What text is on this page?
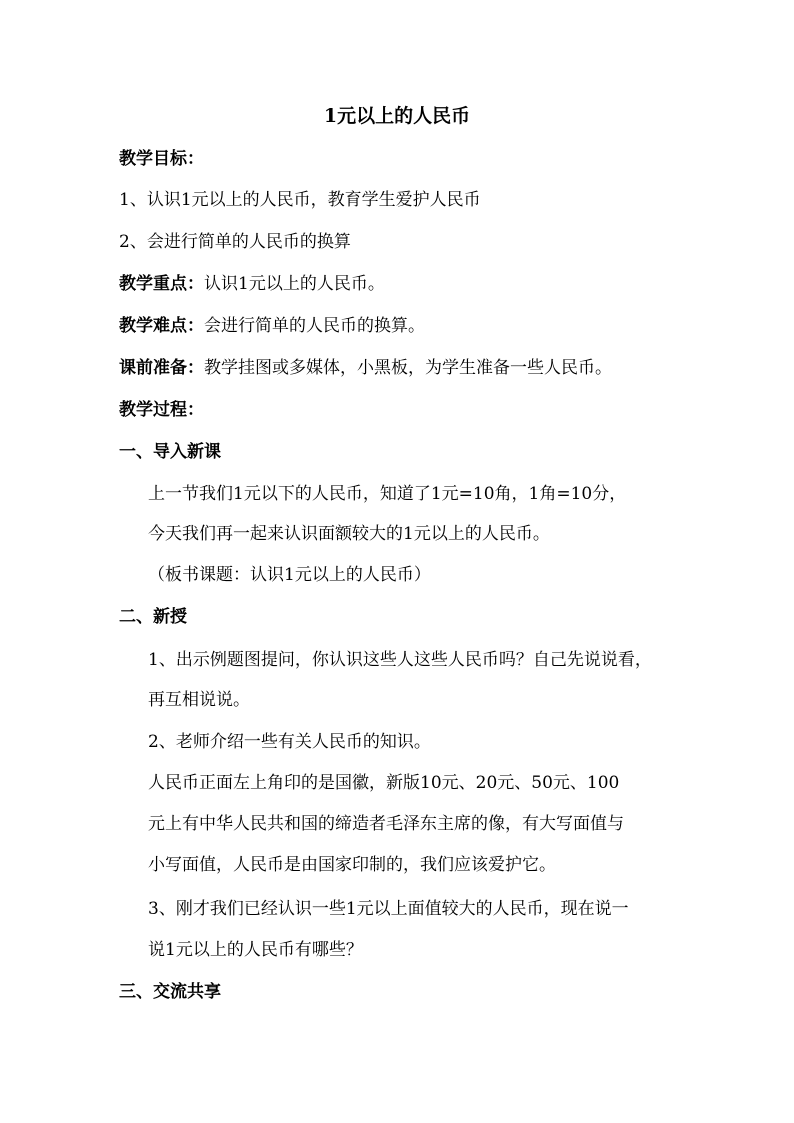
1元以上的人民币
教学目标：
1、认识1元以上的人民币，教育学生爱护人民币
2、会进行简单的人民币的换算
教学重点：认识1元以上的人民币。
教学难点：会进行简单的人民币的换算。
课前准备：教学挂图或多媒体，小黑板，为学生准备一些人民币。
教学过程：
一、导入新课
上一节我们1元以下的人民币，知道了1元=10角，1角=10分，
今天我们再一起来认识面额较大的1元以上的人民币。
（板书课题：认识1元以上的人民币）
二、新授
1、出示例题图提问，你认识这些人这些人民币吗？自己先说说看，
再互相说说。
2、老师介绍一些有关人民币的知识。
人民币正面左上角印的是国徽，新版10元、20元、50元、100
元上有中华人民共和国的缔造者毛泽东主席的像，有大写面值与
小写面值，人民币是由国家印制的，我们应该爱护它。
3、刚才我们已经认识一些1元以上面值较大的人民币，现在说一
说1元以上的人民币有哪些？
三、交流共享
